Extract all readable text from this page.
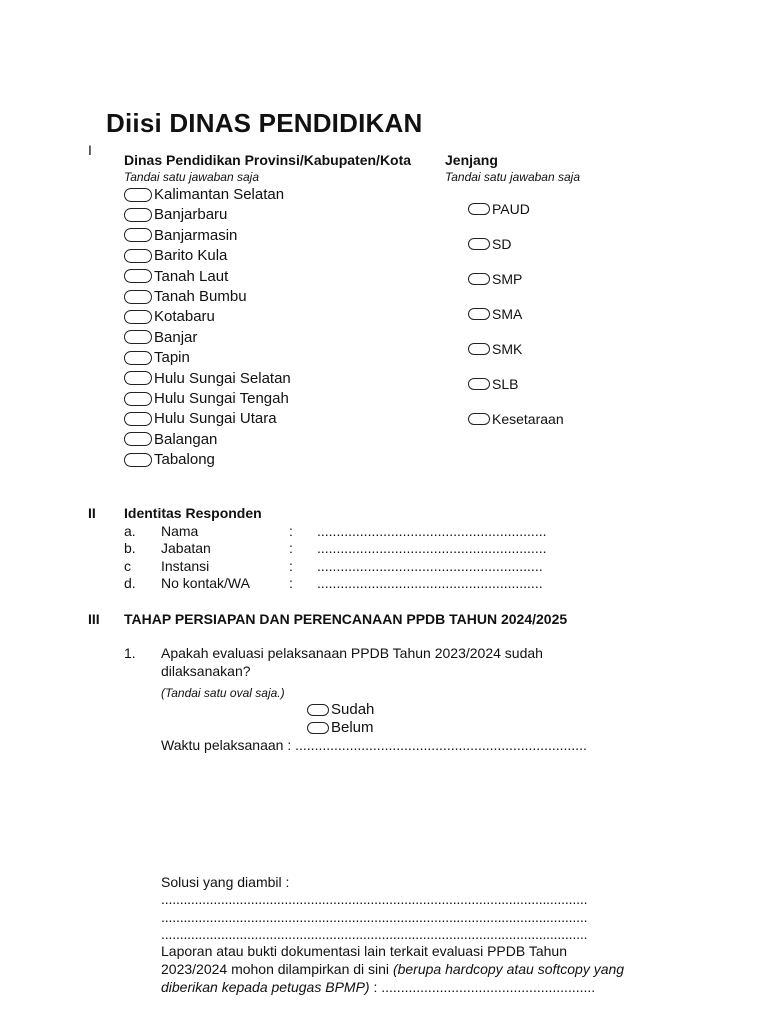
Diisi DINAS PENDIDIKAN
I
Dinas Pendidikan Provinsi/Kabupaten/Kota
Tandai satu jawaban saja
Jenjang
Tandai satu jawaban saja
Kalimantan Selatan
Banjarbaru
Banjarmasin
Barito Kula
Tanah Laut
Tanah Bumbu
Kotabaru
Banjar
Tapin
Hulu Sungai Selatan
Hulu Sungai Tengah
Hulu Sungai Utara
Balangan
Tabalong
PAUD
SD
SMP
SMA
SMK
SLB
Kesetaraan
II Identitas Responden
a. Nama	: ...........................................................
b. Jabatan	: ...........................................................
c Instansi	: ..........................................................
d. No kontak/WA	: ..........................................................
III TAHAP PERSIAPAN DAN PERENCANAAN PPDB TAHUN 2024/2025
1. Apakah evaluasi pelaksanaan PPDB Tahun 2023/2024 sudah
dilaksanakan?
(Tandai satu oval saja.)
Sudah
Belum
Waktu pelaksanaan : ...........................................................................
Solusi yang diambil :
..................................................................................................................
..................................................................................................................
..................................................................................................................
Laporan atau bukti dokumentasi lain terkait evaluasi PPDB Tahun
2023/2024 mohon dilampirkan di sini (berupa hardcopy atau softcopy yang
diberikan kepada petugas BPMP) : .......................................................
